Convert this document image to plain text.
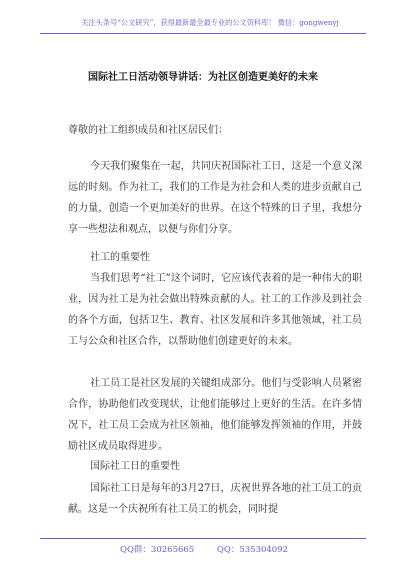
关注头条号“公文研究”，获得最新最全最专业的公文资料库！ 微信：gongwenyj
国际社工日活动领导讲话：为社区创造更美好的未来

尊敬的社工组织成员和社区居民们：

今天我们聚集在一起，共同庆祝国际社工日，这是一个意义深远的时刻。作为社工，我们的工作是为社会和人类的进步贡献自己的力量，创造一个更加美好的世界。在这个特殊的日子里，我想分享一些想法和观点，以便与你们分享。

社工的重要性

当我们思考“社工”这个词时，它应该代表着的是一种伟大的职业，因为社工是为社会做出特殊贡献的人。社工的工作涉及到社会的各个方面，包括卫生、教育、社区发展和许多其他领域，社工员工与公众和社区合作，以帮助他们创建更好的未来。

社工员工是社区发展的关键组成部分。他们与受影响人员紧密合作，协助他们改变现状，让他们能够过上更好的生活。在许多情况下，社工员工会成为社区领袖，他们能够发挥领袖的作用，并鼓励社区成员取得进步。

国际社工日的重要性

国际社工日是每年的3月27日，庆祝世界各地的社工员工的贡献。这是一个庆祝所有社工员工的机会，同时提

QQ群：30265665	QQ：535304092
